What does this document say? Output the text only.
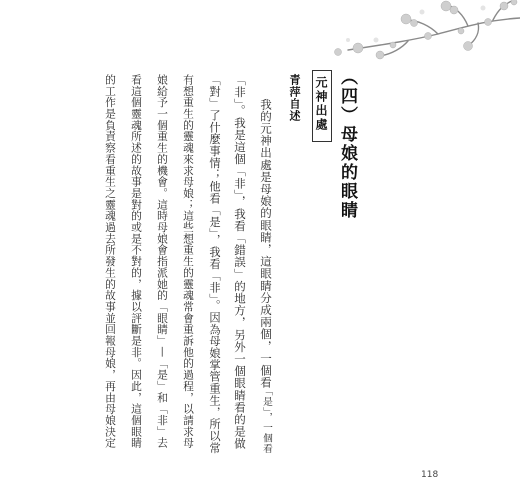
（四）母娘的眼睛
元神出處
青萍自述
　　我的元神出處是母娘的眼睛，這眼睛分成兩個，一個看
「是」，一個看
「非」。我是這個「非」，我看「錯誤」的地方，另外一個眼睛看的是做
「對」了什麼事情；他看「是」，我看「非」。因為母娘掌管重生，所以常
有想重生的靈魂來求母娘；這些想重生的靈魂常會重訴他的過程，以請求母
娘給予一個重生的機會。這時母娘會指派她的「眼睛」—「是」和「非」去
看這個靈魂所述的故事是對的或是不對的，據以評斷是非。因此，這個眼睛
的工作是負責察看重生之靈魂過去所發生的故事並回報母娘，再由母娘決定
118
